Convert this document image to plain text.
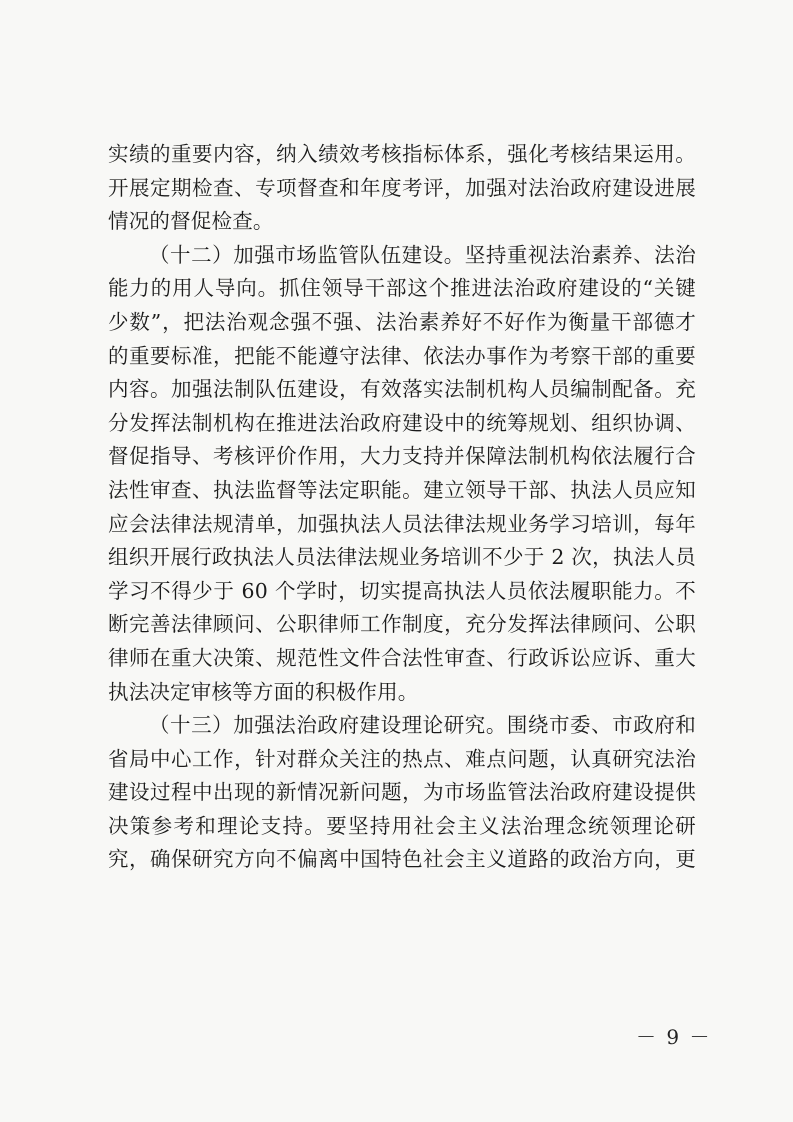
实绩的重要内容，纳入绩效考核指标体系，强化考核结果运用。
开展定期检查、专项督查和年度考评，加强对法治政府建设进展
情况的督促检查。
（十二）加强市场监管队伍建设。坚持重视法治素养、法治
能力的用人导向。抓住领导干部这个推进法治政府建设的“关键
少数”，把法治观念强不强、法治素养好不好作为衡量干部德才
的重要标准，把能不能遵守法律、依法办事作为考察干部的重要
内容。加强法制队伍建设，有效落实法制机构人员编制配备。充
分发挥法制机构在推进法治政府建设中的统筹规划、组织协调、
督促指导、考核评价作用，大力支持并保障法制机构依法履行合
法性审查、执法监督等法定职能。建立领导干部、执法人员应知
应会法律法规清单，加强执法人员法律法规业务学习培训，每年
组织开展行政执法人员法律法规业务培训不少于 2 次，执法人员
学习不得少于 60 个学时，切实提高执法人员依法履职能力。不
断完善法律顾问、公职律师工作制度，充分发挥法律顾问、公职
律师在重大决策、规范性文件合法性审查、行政诉讼应诉、重大
执法决定审核等方面的积极作用。
（十三）加强法治政府建设理论研究。围绕市委、市政府和
省局中心工作，针对群众关注的热点、难点问题，认真研究法治
建设过程中出现的新情况新问题，为市场监管法治政府建设提供
决策参考和理论支持。要坚持用社会主义法治理念统领理论研
究，确保研究方向不偏离中国特色社会主义道路的政治方向，更
－ 9 －
